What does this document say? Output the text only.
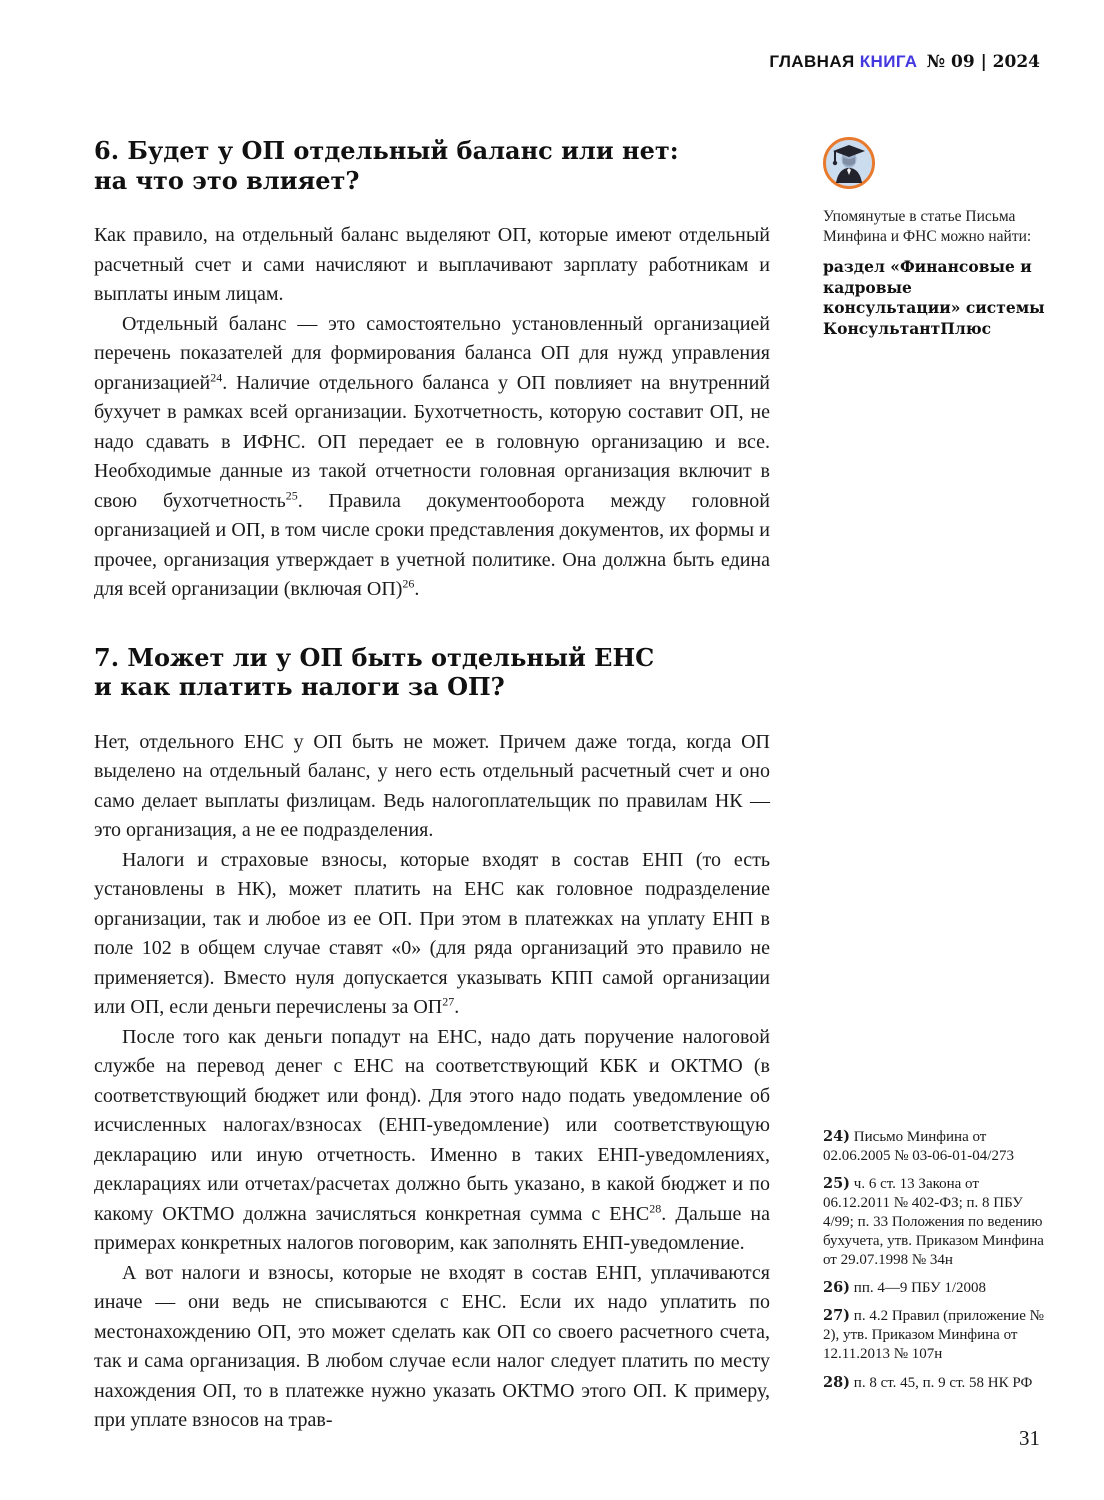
ГЛАВНАЯ КНИГА № 09 | 2024
6. Будет у ОП отдельный баланс или нет:
на что это влияет?

Как правило, на отдельный баланс выделяют ОП, которые имеют отдельный расчетный счет и сами начисляют и выплачивают зарплату работникам и выплаты иным лицам.

Отдельный баланс — это самостоятельно установленный организацией перечень показателей для формирования баланса ОП для нужд управления организацией$^{24}$. Наличие отдельного баланса у ОП повлияет на внутренний бухучет в рамках всей организации. Бухотчетность, которую составит ОП, не надо сдавать в ИФНС. ОП передает ее в головную организацию и все. Необходимые данные из такой отчетности головная организация включит в свою бухотчетность$^{25}$. Правила документооборота между головной организацией и ОП, в том числе сроки представления документов, их формы и прочее, организация утверждает в учетной политике. Она должна быть едина для всей организации (включая ОП)$^{26}$.

7. Может ли у ОП быть отдельный ЕНС
и как платить налоги за ОП?

Нет, отдельного ЕНС у ОП быть не может. Причем даже тогда, когда ОП выделено на отдельный баланс, у него есть отдельный расчетный счет и оно само делает выплаты физлицам. Ведь налогоплательщик по правилам НК — это организация, а не ее подразделения.

Налоги и страховые взносы, которые входят в состав ЕНП (то есть установлены в НК), может платить на ЕНС как головное подразделение организации, так и любое из ее ОП. При этом в платежках на уплату ЕНП в поле 102 в общем случае ставят «0» (для ряда организаций это правило не применяется). Вместо нуля допускается указывать КПП самой организации или ОП, если деньги перечислены за ОП$^{27}$.

После того как деньги попадут на ЕНС, надо дать поручение налоговой службе на перевод денег с ЕНС на соответствующий КБК и ОКТМО (в соответствующий бюджет или фонд). Для этого надо подать уведомление об исчисленных налогах/взносах (ЕНП-уведомление) или соответствующую декларацию или иную отчетность. Именно в таких ЕНП-уведомлениях, декларациях или отчетах/расчетах должно быть указано, в какой бюджет и по какому ОКТМО должна зачисляться конкретная сумма с ЕНС$^{28}$. Дальше на примерах конкретных налогов поговорим, как заполнять ЕНП-уведомление.

А вот налоги и взносы, которые не входят в состав ЕНП, уплачиваются иначе — они ведь не списываются с ЕНС. Если их надо уплатить по местонахождению ОП, это может сделать как ОП со своего расчетного счета, так и сама организация. В любом случае если налог следует платить по месту нахождения ОП, то в платежке нужно указать ОКТМО этого ОП. К примеру, при уплате взносов на трав-

Упомянутые в статье Письма Минфина и ФНС можно найти:
раздел «Финансовые и кадровые консультации» системы КонсультантПлюс
24) Письмо Минфина от 02.06.2005 № 03-06-01-04/273
25) ч. 6 ст. 13 Закона от 06.12.2011 № 402-ФЗ; п. 8 ПБУ 4/99; п. 33 Положения по ведению бухучета, утв. Приказом Минфина от 29.07.1998 № 34н
26) пп. 4—9 ПБУ 1/2008
27) п. 4.2 Правил (приложение № 2), утв. Приказом Минфина от 12.11.2013 № 107н
28) п. 8 ст. 45, п. 9 ст. 58 НК РФ
31
